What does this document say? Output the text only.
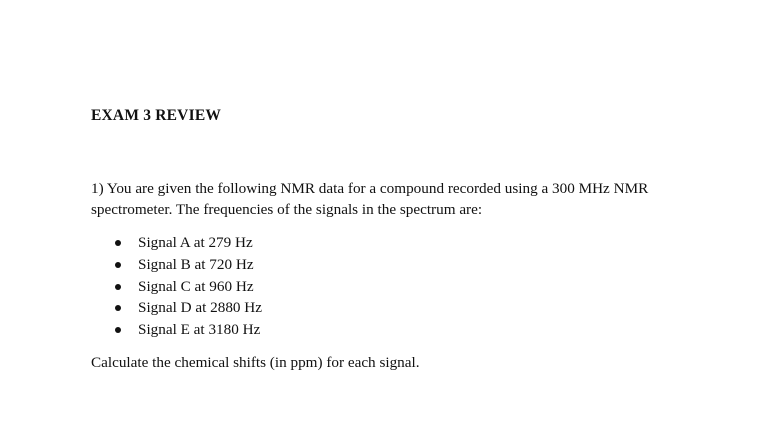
EXAM 3 REVIEW

1) You are given the following NMR data for a compound recorded using a 300 MHz NMR
spectrometer. The frequencies of the signals in the spectrum are:

Signal A at 279 Hz
Signal B at 720 Hz
Signal C at 960 Hz
Signal D at 2880 Hz
Signal E at 3180 Hz

Calculate the chemical shifts (in ppm) for each signal.
